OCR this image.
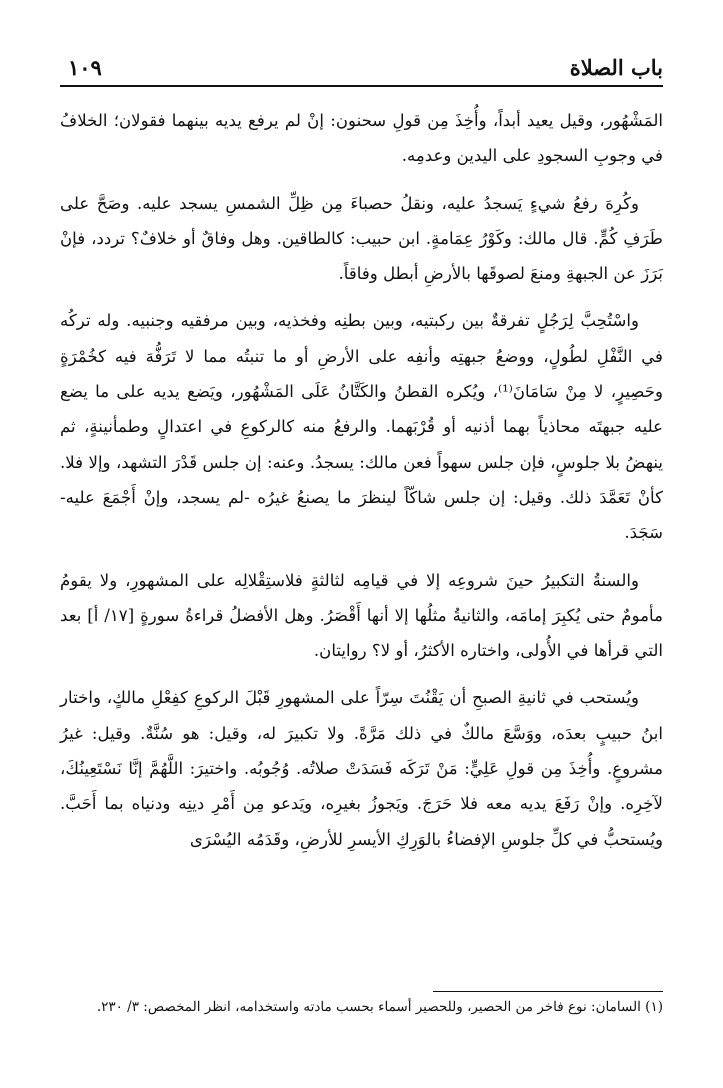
باب الصلاة
١٠٩

المَشْهُور، وقيل يعيد أبداً، وأُخِذَ مِن قولِ سحنون: إنْ لم يرفع يديه بينهما فقولان؛ الخلافُ في وجوبِ السجودِ على اليدين وعدمِه.

وكُرِهَ رفعُ شيءٍ يَسجدُ عليه، ونقلُ حصباءَ مِن ظِلِّ الشمسِ يسجد عليه. وصَحَّ على طَرَفِ كُمٍّ. قال مالك: وكَوْرُ عِمَامةٍ. ابن حبيب: كالطاقين. وهل وفاقٌ أو خلافٌ؟ تردد، فإنْ بَرَزَ عن الجبهةِ ومنعَ لصوقَها بالأرضِ أبطل وفاقاً.

واسْتُحِبَّ لِرَجُلٍ تفرقةٌ بين ركبتيه، وبين بطنِه وفخذيه، وبين مرفقيه وجنبيه. وله تركُه في النَّفْلِ لطُولٍ، ووضعُ جبهتِه وأنفِه على الأرضِ أو ما تنبتُه مما لا تَرَفُّهَ فيه كخُمْرَةٍ وحَصِيرٍ، لا مِنْ سَامَانَ⁽¹⁾، ويُكره القطنُ والكَتَّانُ عَلَى المَشْهُور، ويَضع يديه على ما يضع عليه جبهتَه محاذياً بهما أذنيه أو قُرْبَهما. والرفعُ منه كالركوعِ في اعتدالٍ وطمأنينةٍ، ثم ينهضُ بلا جلوسٍ، فإن جلس سهواً فعن مالك: يسجدُ. وعنه: إن جلس قَدْرَ التشهد، وإلا فلا. كأنْ تَعَمَّدَ ذلك. وقيل: إن جلس شاكّاً لينظرَ ما يصنعُ غيرُه -لم يسجد، وإنْ أَجْمَعَ عليه- سَجَدَ.

والسنةُ التكبيرُ حينَ شروعِه إلا في قيامِه لثالثةٍ فلاستِقْلالِه على المشهورِ، ولا يقومُ مأمومٌ حتى يُكبِرَ إمامَه، والثانيةُ مثلُها إلا أنها أَقْصَرُ. وهل الأفضلُ قراءةُ سورةٍ [١٧/ أ] بعد التي قرأها في الأُولى، واختاره الأكثرُ، أو لا؟ روايتان.

ويُستحب في ثانيةِ الصبحِ أن يَقْنُتَ سِرّاً على المشهورِ قَبْلَ الركوعِ كفِعْلِ مالكٍ، واختار ابنُ حبيبٍ بعدَه، ووَسَّعَ مالكٌ في ذلك مَرَّةً. ولا تكبيرَ له، وقيل: هو سُنَّةٌ. وقيل: غيرُ مشروعٍ. وأُخِذَ مِن قولِ عَلِيٍّ: مَنْ تَرَكَه فَسَدَتْ صلاتُه. وُجُوبُه. واختيرَ: اللَّهُمَّ إنَّا نَسْتَعِينُكَ، لآخِرِه. وإنْ رَفَعَ يديه معه فلا حَرَجَ. ويَجوزُ بغيرِه، ويَدعو مِن أَمْرِ دينِه ودنياه بما أَحَبَّ. ويُستحبُّ في كلِّ جلوسِ الإفضاءُ بالوَرِكِ الأيسرِ للأرضِ، وقَدَمُه اليُسْرَى

(١) السامان: نوع فاخر من الحصير، وللحصير أسماء بحسب مادته واستخدامه، انظر المخصص: ٣/ ٢٣٠.
